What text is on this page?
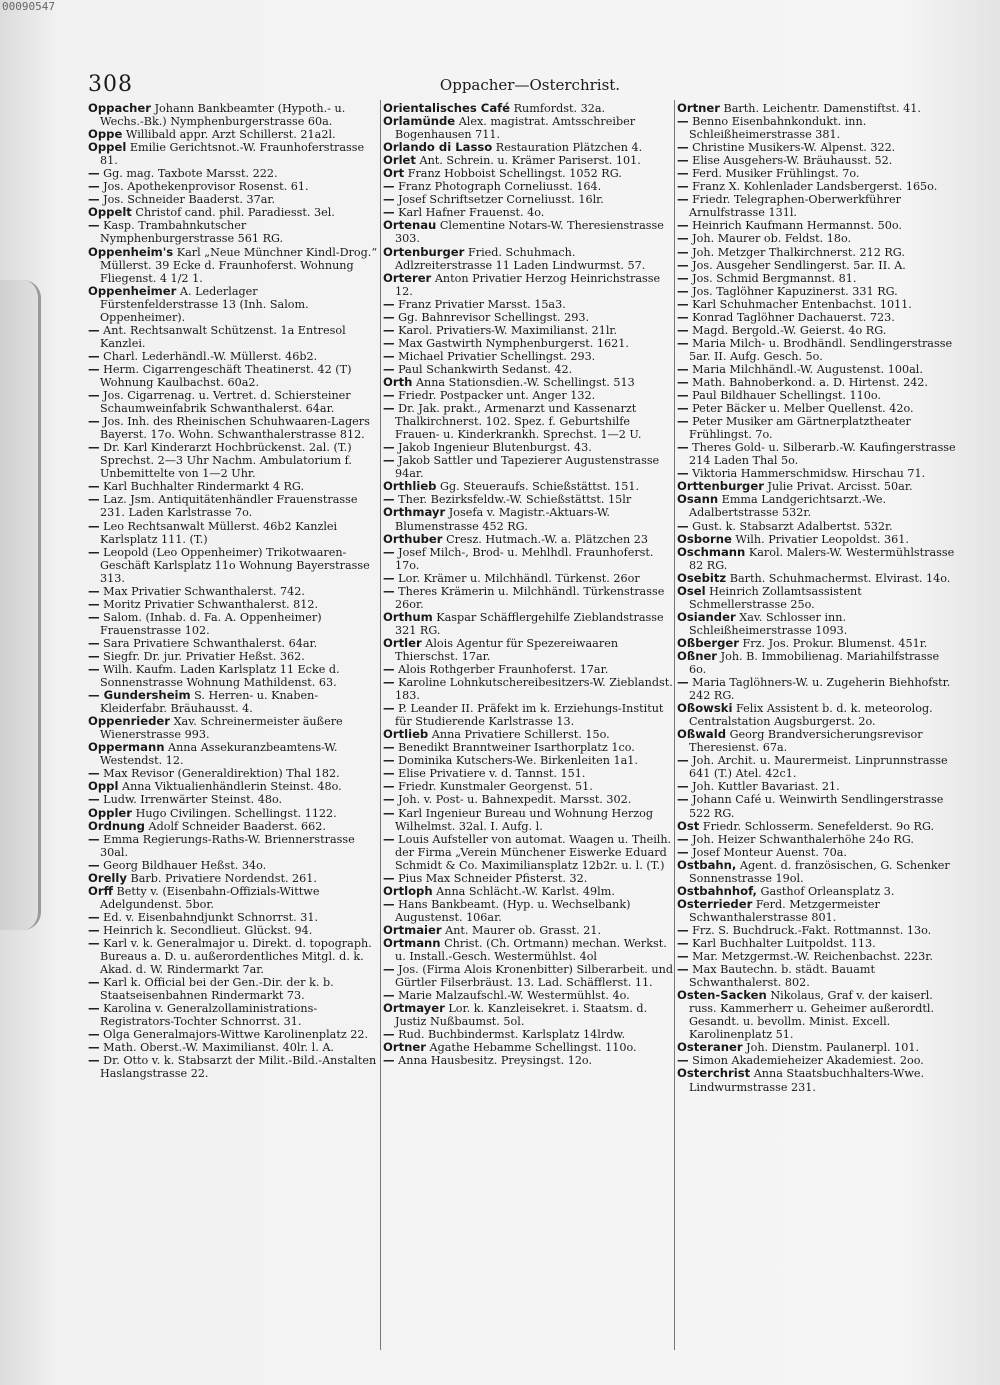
00090547
308	Oppacher—Osterchrist.

Oppacher Johann Bankbeamter (Hypoth.- u. Wechs.-Bk.) Nymphenburgerstrasse 60a.

Oppe Willibald appr. Arzt Schillerst. 21a2l.

Oppel Emilie Gerichtsnot.-W. Fraunhoferstrasse 81.

— Gg. mag. Taxbote Marsst. 222.

— Jos. Apothekenprovisor Rosenst. 61.

— Jos. Schneider Baaderst. 37ar.

Oppelt Christof cand. phil. Paradiesst. 3el.

— Kasp. Trambahnkutscher Nymphenburgerstrasse 561 RG.

Oppenheim's Karl „Neue Münchner Kindl-Drog.“ Müllerst. 39 Ecke d. Fraunhoferst. Wohnung Fliegenst. 4 1/2 1.

Oppenheimer A. Lederlager Fürstenfelderstrasse 13 (Inh. Salom. Oppenheimer).

— Ant. Rechtsanwalt Schützenst. 1a Entresol Kanzlei.

— Charl. Lederhändl.-W. Müllerst. 46b2.

— Herm. Cigarrengeschäft Theatinerst. 42 (T) Wohnung Kaulbachst. 60a2.

— Jos. Cigarrenag. u. Vertret. d. Schiersteiner Schaumweinfabrik Schwanthalerst. 64ar.

— Jos. Inh. des Rheinischen Schuhwaaren-Lagers Bayerst. 17o. Wohn. Schwanthalerstrasse 812.

— Dr. Karl Kinderarzt Hochbrückenst. 2al. (T.) Sprechst. 2—3 Uhr Nachm. Ambulatorium f. Unbemittelte von 1—2 Uhr.

— Karl Buchhalter Rindermarkt 4 RG.

— Laz. Jsm. Antiquitätenhändler Frauenstrasse 231. Laden Karlstrasse 7o.

— Leo Rechtsanwalt Müllerst. 46b2 Kanzlei Karlsplatz 111. (T.)

— Leopold (Leo Oppenheimer) Trikotwaaren-Geschäft Karlsplatz 11o Wohnung Bayerstrasse 313.

— Max Privatier Schwanthalerst. 742.

— Moritz Privatier Schwanthalerst. 812.

— Salom. (Inhab. d. Fa. A. Oppenheimer) Frauenstrasse 102.

— Sara Privatiere Schwanthalerst. 64ar.

— Siegfr. Dr. jur. Privatier Heßst. 362.

— Wilh. Kaufm. Laden Karlsplatz 11 Ecke d. Sonnenstrasse Wohnung Mathildenst. 63.

— Gundersheim S. Herren- u. Knaben-Kleiderfabr. Bräuhausst. 4.

Oppenrieder Xav. Schreinermeister äußere Wienerstrasse 993.

Oppermann Anna Assekuranzbeamtens-W. Westendst. 12.

— Max Revisor (Generaldirektion) Thal 182.

Oppl Anna Viktualienhändlerin Steinst. 48o.

— Ludw. Irrenwärter Steinst. 48o.

Oppler Hugo Civilingen. Schellingst. 1122.

Ordnung Adolf Schneider Baaderst. 662.

— Emma Regierungs-Raths-W. Briennerstrasse 30al.

— Georg Bildhauer Heßst. 34o.

Orelly Barb. Privatiere Nordendst. 261.

Orff Betty v. (Eisenbahn-Offizials-Wittwe Adelgundenst. 5bor.

— Ed. v. Eisenbahndjunkt Schnorrst. 31.

— Heinrich k. Secondlieut. Glückst. 94.

— Karl v. k. Generalmajor u. Direkt. d. topograph. Bureaus a. D. u. außerordentliches Mitgl. d. k. Akad. d. W. Rindermarkt 7ar.

— Karl k. Official bei der Gen.-Dir. der k. b. Staatseisenbahnen Rindermarkt 73.

— Karolina v. Generalzollaministrations-Registrators-Tochter Schnorrst. 31.

— Olga Generalmajors-Wittwe Karolinenplatz 22.

— Math. Oberst.-W. Maximilianst. 40lr. l. A.

— Dr. Otto v. k. Stabsarzt der Milit.-Bild.-Anstalten Haslangstrasse 22.

Orientalisches Café Rumfordst. 32a.

Orlamünde Alex. magistrat. Amtsschreiber Bogenhausen 711.

Orlando di Lasso Restauration Plätzchen 4.

Orlet Ant. Schrein. u. Krämer Pariserst. 101.

Ort Franz Hobboist Schellingst. 1052 RG.

— Franz Photograph Corneliusst. 164.

— Josef Schriftsetzer Corneliusst. 16lr.

— Karl Hafner Frauenst. 4o.

Ortenau Clementine Notars-W. Theresienstrasse 303.

Ortenburger Fried. Schuhmach. Adlzreiterstrasse 11 Laden Lindwurmst. 57.

Orterer Anton Privatier Herzog Heinrichstrasse 12.

— Franz Privatier Marsst. 15a3.

— Gg. Bahnrevisor Schellingst. 293.

— Karol. Privatiers-W. Maximilianst. 21lr.

— Max Gastwirth Nymphenburgerst. 1621.

— Michael Privatier Schellingst. 293.

— Paul Schankwirth Sedanst. 42.

Orth Anna Stationsdien.-W. Schellingst. 513

— Friedr. Postpacker unt. Anger 132.

— Dr. Jak. prakt., Armenarzt und Kassenarzt Thalkirchnerst. 102. Spez. f. Geburtshilfe Frauen- u. Kinderkrankh. Sprechst. 1—2 U.

— Jakob Ingenieur Blutenburgst. 43.

— Jakob Sattler und Tapezierer Augustenstrasse 94ar.

Orthlieb Gg. Steueraufs. Schießstättst. 151.

— Ther. Bezirksfeldw.-W. Schießstättst. 15lr

Orthmayr Josefa v. Magistr.-Aktuars-W. Blumenstrasse 452 RG.

Orthuber Cresz. Hutmach.-W. a. Plätzchen 23

— Josef Milch-, Brod- u. Mehlhdl. Fraunhoferst. 17o.

— Lor. Krämer u. Milchhändl. Türkenst. 26or

— Theres Krämerin u. Milchhändl. Türkenstrasse 26or.

Orthum Kaspar Schäfflergehilfe Zieblandstrasse 321 RG.

Ortler Alois Agentur für Spezereiwaaren Thierschst. 17ar.

— Alois Rothgerber Fraunhoferst. 17ar.

— Karoline Lohnkutschereibesitzers-W. Zieblandst. 183.

— P. Leander II. Präfekt im k. Erziehungs-Institut für Studierende Karlstrasse 13.

Ortlieb Anna Privatiere Schillerst. 15o.

— Benedikt Branntweiner Isarthorplatz 1co.

— Dominika Kutschers-We. Birkenleiten 1a1.

— Elise Privatiere v. d. Tannst. 151.

— Friedr. Kunstmaler Georgenst. 51.

— Joh. v. Post- u. Bahnexpedit. Marsst. 302.

— Karl Ingenieur Bureau und Wohnung Herzog Wilhelmst. 32al. I. Aufg. l.

— Louis Aufsteller von automat. Waagen u. Theilh. der Firma „Verein Münchener Eiswerke Eduard Schmidt & Co. Maximiliansplatz 12b2r. u. l. (T.)

— Pius Max Schneider Pfisterst. 32.

Ortloph Anna Schlächt.-W. Karlst. 49lm.

— Hans Bankbeamt. (Hyp. u. Wechselbank) Augustenst. 106ar.

Ortmaier Ant. Maurer ob. Grasst. 21.

Ortmann Christ. (Ch. Ortmann) mechan. Werkst. u. Install.-Gesch. Westermühlst. 4ol

— Jos. (Firma Alois Kronenbitter) Silberarbeit. und Gürtler Filserbräust. 13. Lad. Schäfflerst. 11.

— Marie Malzaufschl.-W. Westermühlst. 4o.

Ortmayer Lor. k. Kanzleisekret. i. Staatsm. d. Justiz Nußbaumst. 5ol.

— Rud. Buchbindermst. Karlsplatz 14lrdw.

Ortner Agathe Hebamme Schellingst. 110o.

— Anna Hausbesitz. Preysingst. 12o.

Ortner Barth. Leichentr. Damenstiftst. 41.

— Benno Eisenbahnkondukt. inn. Schleißheimerstrasse 381.

— Christine Musikers-W. Alpenst. 322.

— Elise Ausgehers-W. Bräuhausst. 52.

— Ferd. Musiker Frühlingst. 7o.

— Franz X. Kohlenlader Landsbergerst. 165o.

— Friedr. Telegraphen-Oberwerkführer Arnulfstrasse 131l.

— Heinrich Kaufmann Hermannst. 50o.

— Joh. Maurer ob. Feldst. 18o.

— Joh. Metzger Thalkirchnerst. 212 RG.

— Jos. Ausgeher Sendlingerst. 5ar. II. A.

— Jos. Schmid Bergmannst. 81.

— Jos. Taglöhner Kapuzinerst. 331 RG.

— Karl Schuhmacher Entenbachst. 1011.

— Konrad Taglöhner Dachauerst. 723.

— Magd. Bergold.-W. Geierst. 4o RG.

— Maria Milch- u. Brodhändl. Sendlingerstrasse 5ar. II. Aufg. Gesch. 5o.

— Maria Milchhändl.-W. Augustenst. 100al.

— Math. Bahnoberkond. a. D. Hirtenst. 242.

— Paul Bildhauer Schellingst. 110o.

— Peter Bäcker u. Melber Quellenst. 42o.

— Peter Musiker am Gärtnerplatztheater Frühlingst. 7o.

— Theres Gold- u. Silberarb.-W. Kaufingerstrasse 214 Laden Thal 5o.

— Viktoria Hammerschmidsw. Hirschau 71.

Orttenburger Julie Privat. Arcisst. 50ar.

Osann Emma Landgerichtsarzt.-We. Adalbertstrasse 532r.

— Gust. k. Stabsarzt Adalbertst. 532r.

Osborne Wilh. Privatier Leopoldst. 361.

Oschmann Karol. Malers-W. Westermühlstrasse 82 RG.

Osebitz Barth. Schuhmachermst. Elvirast. 14o.

Osel Heinrich Zollamtsassistent Schmellerstrasse 25o.

Osiander Xav. Schlosser inn. Schleißheimerstrasse 1093.

Oßberger Frz. Jos. Prokur. Blumenst. 451r.

Oßner Joh. B. Immobilienag. Mariahilfstrasse 6o.

— Maria Taglöhners-W. u. Zugeherin Biehhofstr. 242 RG.

Oßowski Felix Assistent b. d. k. meteorolog. Centralstation Augsburgerst. 2o.

Oßwald Georg Brandversicherungsrevisor Theresienst. 67a.

— Joh. Archit. u. Maurermeist. Linprunnstrasse 641 (T.) Atel. 42c1.

— Joh. Kuttler Bavariast. 21.

— Johann Café u. Weinwirth Sendlingerstrasse 522 RG.

Ost Friedr. Schlosserm. Senefelderst. 9o RG.

— Joh. Heizer Schwanthalerhöhe 24o RG.

— Josef Monteur Auenst. 70a.

Ostbahn, Agent. d. französischen, G. Schenker Sonnenstrasse 19ol.

Ostbahnhof, Gasthof Orleansplatz 3.

Osterrieder Ferd. Metzgermeister Schwanthalerstrasse 801.

— Frz. S. Buchdruck.-Fakt. Rottmannst. 13o.

— Karl Buchhalter Luitpoldst. 113.

— Mar. Metzgermst.-W. Reichenbachst. 223r.

— Max Bautechn. b. städt. Bauamt Schwanthalerst. 802.

Osten-Sacken Nikolaus, Graf v. der kaiserl. russ. Kammerherr u. Geheimer außerordtl. Gesandt. u. bevollm. Minist. Excell. Karolinenplatz 51.

Osteraner Joh. Dienstm. Paulanerpl. 101.

— Simon Akademieheizer Akademiest. 2oo.

Osterchrist Anna Staatsbuchhalters-Wwe. Lindwurmstrasse 231.
